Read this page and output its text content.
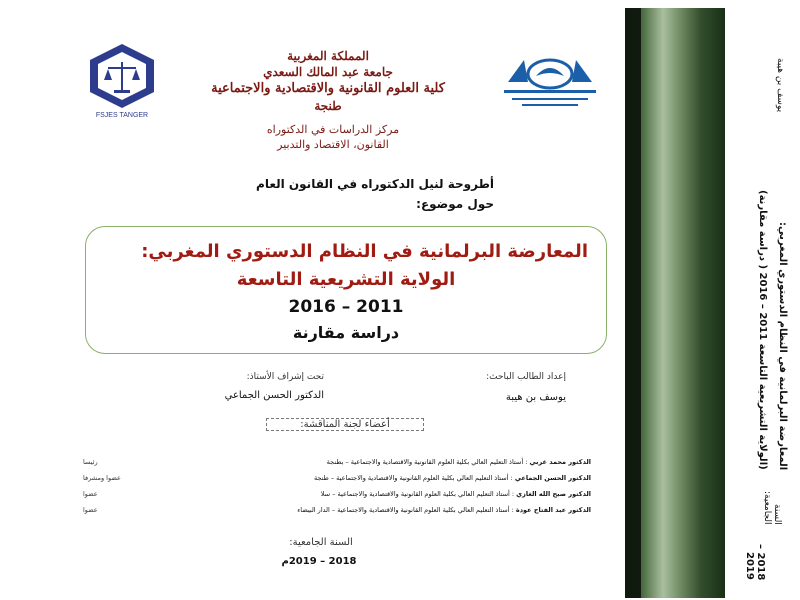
FSJES TANGER
المملكة المغربية
جامعة عبد المالك السعدي
كلية العلوم القانونية والاقتصادية والاجتماعية
طنجة
مركز الدراسات في الدكتوراه
القانون، الاقتصاد والتدبير
أطروحة لنيل الدكتوراه في القانون العام
حول موضوع:
المعارضة البرلمانية في النظام الدستوري المغربي:
الولاية التشريعية التاسعة
2011 – 2016
دراسة مقارنة
إعداد الطالب الباحث:
يوسف بن هيبة
تحت إشراف الأستاذ:
الدكتور الحسن الجماعي
أعضاء لجنة المناقشة:
الدكتور محمد غربي : أستاذ التعليم العالي بكلية العلوم القانونية والاقتصادية والاجتماعية – بطنجة
رئيسا
الدكتور الحسن الجماعي : أستاذ التعليم العالي بكلية العلوم القانونية والاقتصادية والاجتماعية – طنجة
عضوا ومشرفا
الدكتور صبح الله الغازي : أستاذ التعليم العالي بكلية العلوم القانونية والاقتصادية والاجتماعية – سلا
عضوا
الدكتور عبد الفتاح عودة : أستاذ التعليم العالي بكلية العلوم القانونية والاقتصادية والاجتماعية – الدار البيضاء
عضوا
السنة الجامعية:
2018 – 2019م
يوسف بن هيبة
المعارضة البرلمانية في النظام الدستوري المغربي:
(الولاية التشريعية التاسعة 2011 – 2016 ( دراسة مقارنة)
السنة الجامعية:
2018 – 2019
